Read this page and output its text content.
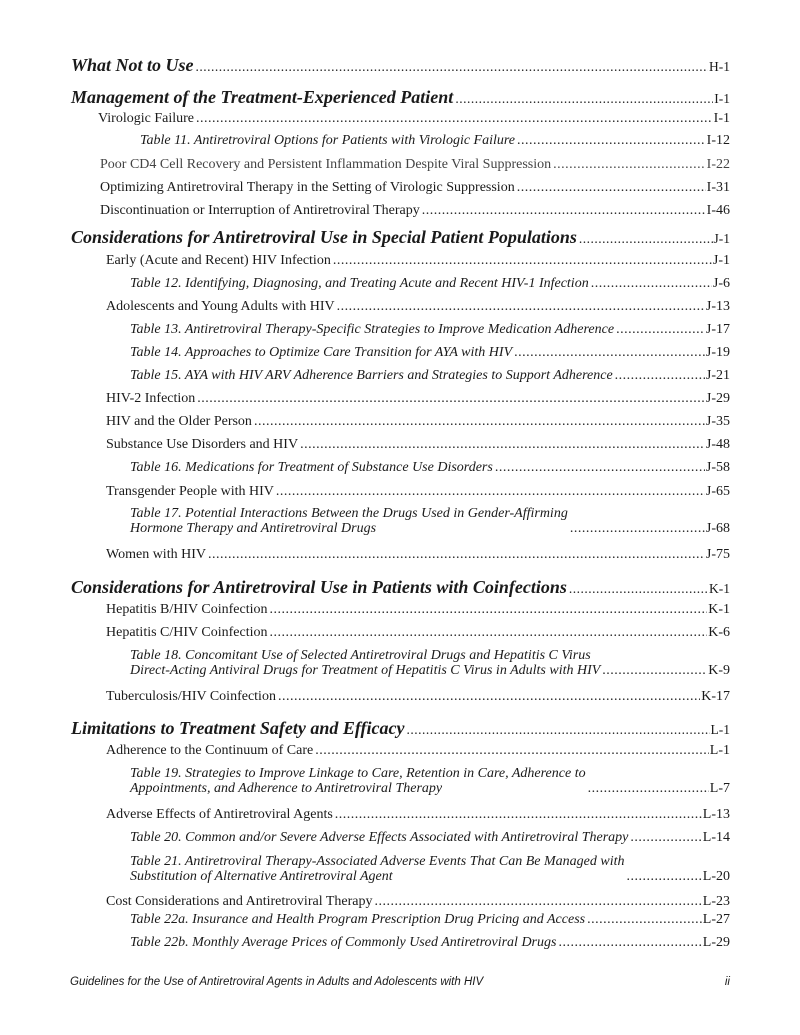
What Not to Use .....	H-1
Management of the Treatment-Experienced Patient .....	I-1
Virologic Failure .....	I-1
Table 11. Antiretroviral Options for Patients with Virologic Failure .....	I-12
Poor CD4 Cell Recovery and Persistent Inflammation Despite Viral Suppression .....	I-22
Optimizing Antiretroviral Therapy in the Setting of Virologic Suppression .....	I-31
Discontinuation or Interruption of Antiretroviral Therapy .....	I-46
Considerations for Antiretroviral Use in Special Patient Populations .....	J-1
Early (Acute and Recent) HIV Infection .....	J-1
Table 12. Identifying, Diagnosing, and Treating Acute and Recent HIV-1 Infection .....	J-6
Adolescents and Young Adults with HIV .....	J-13
Table 13. Antiretroviral Therapy-Specific Strategies to Improve Medication Adherence .....	J-17
Table 14. Approaches to Optimize Care Transition for AYA with HIV .....	J-19
Table 15. AYA with HIV ARV Adherence Barriers and Strategies to Support Adherence .....	J-21
HIV-2 Infection .....	J-29
HIV and the Older Person .....	J-35
Substance Use Disorders and HIV .....	J-48
Table 16. Medications for Treatment of Substance Use Disorders .....	J-58
Transgender People with HIV .....	J-65
Table 17. Potential Interactions Between the Drugs Used in Gender-Affirming
Hormone Therapy and Antiretroviral Drugs .....	J-68
Women with HIV .....	J-75
Considerations for Antiretroviral Use in Patients with Coinfections .....	K-1
Hepatitis B/HIV Coinfection .....	K-1
Hepatitis C/HIV Coinfection .....	K-6
Table 18. Concomitant Use of Selected Antiretroviral Drugs and Hepatitis C Virus
Direct-Acting Antiviral Drugs for Treatment of Hepatitis C Virus in Adults with HIV .....	K-9
Tuberculosis/HIV Coinfection .....	K-17
Limitations to Treatment Safety and Efficacy .....	L-1
Adherence to the Continuum of Care .....	L-1
Table 19. Strategies to Improve Linkage to Care, Retention in Care, Adherence to
Appointments, and Adherence to Antiretroviral Therapy .....	L-7
Adverse Effects of Antiretroviral Agents .....	L-13
Table 20. Common and/or Severe Adverse Effects Associated with Antiretroviral Therapy .....	L-14
Table 21. Antiretroviral Therapy-Associated Adverse Events That Can Be Managed with
Substitution of Alternative Antiretroviral Agent .....	L-20
Cost Considerations and Antiretroviral Therapy .....	L-23
Table 22a. Insurance and Health Program Prescription Drug Pricing and Access .....	L-27
Table 22b. Monthly Average Prices of Commonly Used Antiretroviral Drugs .....	L-29
Guidelines for the Use of Antiretroviral Agents in Adults and Adolescents with HIV	ii
